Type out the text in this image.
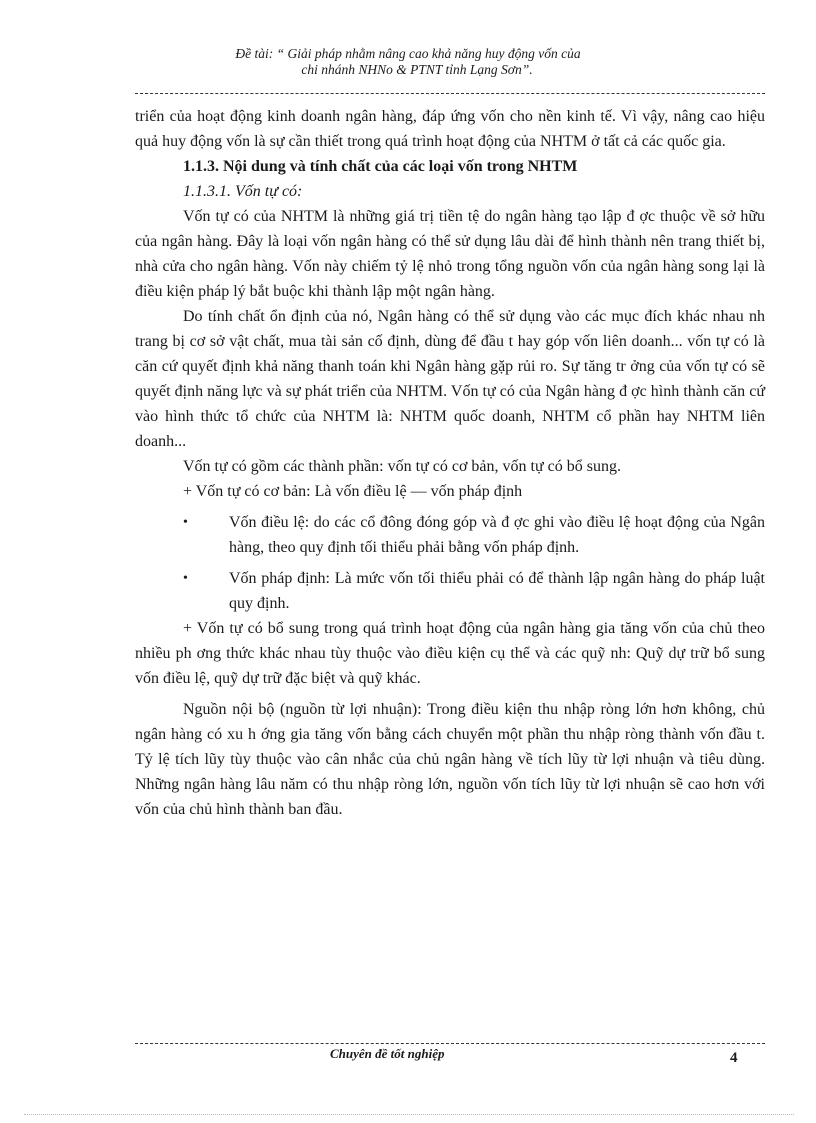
Đề tài: “ Giải pháp nhằm nâng cao khả năng huy động vốn của
chi nhánh NHNo & PTNT tỉnh Lạng Sơn”.

triển của hoạt động kinh doanh ngân hàng, đáp ứng vốn cho nền kinh tế. Vì vậy, nâng cao hiệu quả huy động vốn là sự cần thiết trong quá trình hoạt động của NHTM ở tất cả các quốc gia.

1.1.3. Nội dung và tính chất của các loại vốn trong NHTM

1.1.3.1. Vốn tự có:

Vốn tự có của NHTM là những giá trị tiền tệ do ngân hàng tạo lập đ ợc thuộc về sở hữu của ngân hàng. Đây là loại vốn ngân hàng có thể sử dụng lâu dài để hình thành nên trang thiết bị, nhà cửa cho ngân hàng. Vốn này chiếm tỷ lệ nhỏ trong tổng nguồn vốn của ngân hàng song lại là điều kiện pháp lý bắt buộc khi thành lập một ngân hàng.

Do tính chất ổn định của nó, Ngân hàng có thể sử dụng vào các mục đích khác nhau nh trang bị cơ sở vật chất, mua tài sản cố định, dùng để đầu t hay góp vốn liên doanh... vốn tự có là căn cứ quyết định khả năng thanh toán khi Ngân hàng gặp rủi ro. Sự tăng tr ởng của vốn tự có sẽ quyết định năng lực và sự phát triển của NHTM. Vốn tự có của Ngân hàng đ ợc hình thành căn cứ vào hình thức tổ chức của NHTM là: NHTM quốc doanh, NHTM cổ phần hay NHTM liên doanh...

Vốn tự có gồm các thành phần: vốn tự có cơ bản, vốn tự có bổ sung.

+ Vốn tự có cơ bản: Là vốn điều lệ — vốn pháp định

•	Vốn điều lệ: do các cổ đông đóng góp và đ ợc ghi vào điều lệ hoạt động của Ngân hàng, theo quy định tối thiểu phải bằng vốn pháp định.

•	Vốn pháp định: Là mức vốn tối thiểu phải có để thành lập ngân hàng do pháp luật quy định.

+ Vốn tự có bổ sung trong quá trình hoạt động của ngân hàng gia tăng vốn của chủ theo nhiều ph ơng thức khác nhau tùy thuộc vào điều kiện cụ thể và các quỹ nh: Quỹ dự trữ bổ sung vốn điều lệ, quỹ dự trữ đặc biệt và quỹ khác.

Nguồn nội bộ (nguồn từ lợi nhuận): Trong điều kiện thu nhập ròng lớn hơn không, chủ ngân hàng có xu h ớng gia tăng vốn bằng cách chuyển một phần thu nhập ròng thành vốn đầu t. Tỷ lệ tích lũy tùy thuộc vào cân nhắc của chủ ngân hàng về tích lũy từ lợi nhuận và tiêu dùng. Những ngân hàng lâu năm có thu nhập ròng lớn, nguồn vốn tích lũy từ lợi nhuận sẽ cao hơn với vốn của chủ hình thành ban đầu.

Chuyên đề tốt nghiệp	4
